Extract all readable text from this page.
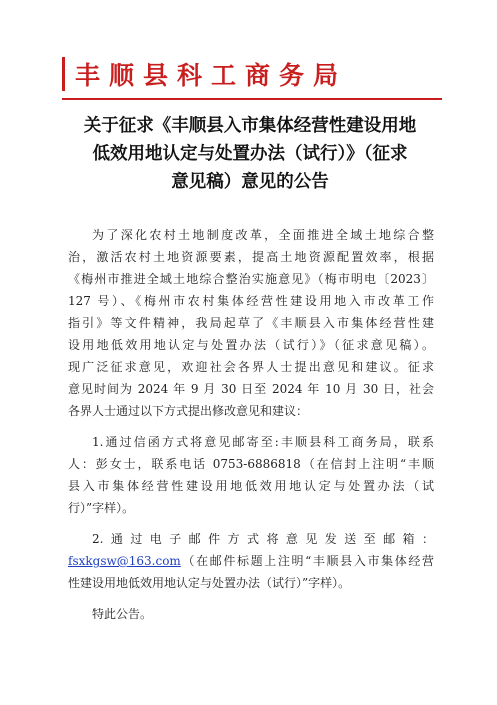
丰顺县科工商务局
关于征求《丰顺县入市集体经营性建设用地
低效用地认定与处置办法（试行）》（征求
意见稿）意见的公告
为了深化农村土地制度改革，全面推进全域土地综合整
治，激活农村土地资源要素，提高土地资源配置效率，根据
《梅州市推进全域土地综合整治实施意见》（梅市明电〔2023〕
127 号）、《梅州市农村集体经营性建设用地入市改革工作
指引》等文件精神，我局起草了《丰顺县入市集体经营性建
设用地低效用地认定与处置办法（试行）》（征求意见稿）。
现广泛征求意见，欢迎社会各界人士提出意见和建议。征求
意见时间为 2024 年 9 月 30 日至 2024 年 10 月 30 日，社会
各界人士通过以下方式提出修改意见和建议：
1.通过信函方式将意见邮寄至:丰顺县科工商务局，联系
人：彭女士，联系电话 0753-6886818（在信封上注明“丰顺
县入市集体经营性建设用地低效用地认定与处置办法（试
行）”字样）。
2.通过电子邮件方式将意见发送至邮箱：
fsxkgsw@163.com（在邮件标题上注明“丰顺县入市集体经营
性建设用地低效用地认定与处置办法（试行）”字样）。
特此公告。
